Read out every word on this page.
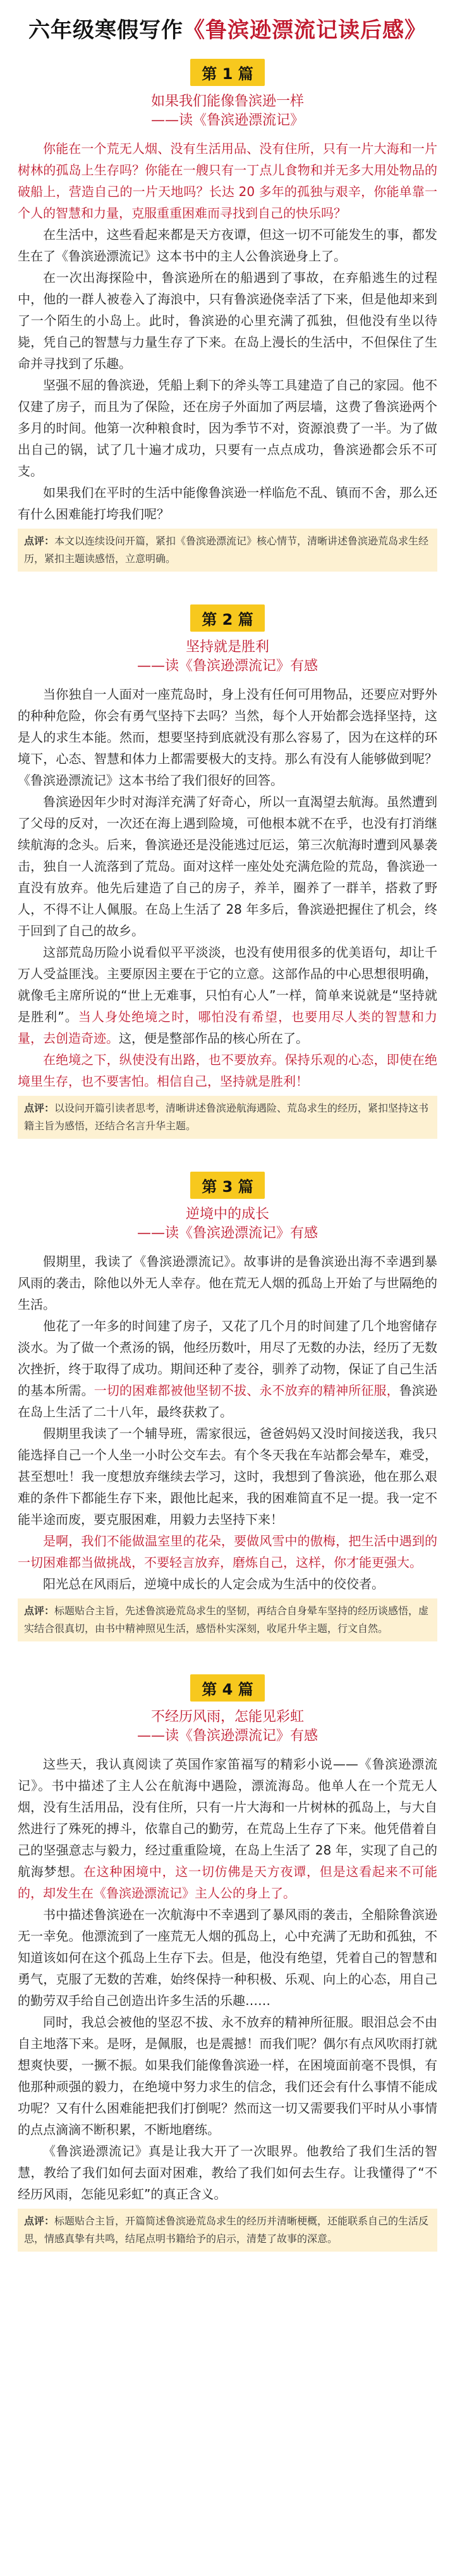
六年级寒假写作《鲁滨逊漂流记读后感》
第 1 篇
如果我们能像鲁滨逊一样
——读《鲁滨逊漂流记》

你能在一个荒无人烟、没有生活用品、没有住所，只有一片大海和一片树林的孤岛上生存吗？你能在一艘只有一丁点儿食物和并无多大用处物品的破船上，营造自己的一片天地吗？长达 20 多年的孤独与艰辛，你能单靠一个人的智慧和力量，克服重重困难而寻找到自己的快乐吗？

在生活中，这些看起来都是天方夜谭，但这一切不可能发生的事，都发生在了《鲁滨逊漂流记》这本书中的主人公鲁滨逊身上了。

在一次出海探险中，鲁滨逊所在的船遇到了事故，在弃船逃生的过程中，他的一群人被卷入了海浪中，只有鲁滨逊侥幸活了下来，但是他却来到了一个陌生的小岛上。此时，鲁滨逊的心里充满了孤独，但他没有坐以待毙，凭自己的智慧与力量生存了下来。在岛上漫长的生活中，不但保住了生命并寻找到了乐趣。

坚强不屈的鲁滨逊，凭船上剩下的斧头等工具建造了自己的家园。他不仅建了房子，而且为了保险，还在房子外面加了两层墙，这费了鲁滨逊两个多月的时间。他第一次种粮食时，因为季节不对，资源浪费了一半。为了做出自己的锅，试了几十遍才成功，只要有一点点成功，鲁滨逊都会乐不可支。

如果我们在平时的生活中能像鲁滨逊一样临危不乱、镇而不舍，那么还有什么困难能打垮我们呢？

点评：本文以连续设问开篇，紧扣《鲁滨逊漂流记》核心情节，清晰讲述鲁滨逊荒岛求生经历，紧扣主题读感悟，立意明确。
第 2 篇
坚持就是胜利
——读《鲁滨逊漂流记》有感

当你独自一人面对一座荒岛时，身上没有任何可用物品，还要应对野外的种种危险，你会有勇气坚持下去吗？当然，每个人开始都会选择坚持，这是人的求生本能。然而，想要坚持到底就没有那么容易了，因为在这样的环境下，心态、智慧和体力上都需要极大的支持。那么有没有人能够做到呢？《鲁滨逊漂流记》这本书给了我们很好的回答。

鲁滨逊因年少时对海洋充满了好奇心，所以一直渴望去航海。虽然遭到了父母的反对，一次还在海上遇到险境，可他根本就不在乎，也没有打消继续航海的念头。后来，鲁滨逊还是没能逃过厄运，第三次航海时遭到风暴袭击，独自一人流落到了荒岛。面对这样一座处处充满危险的荒岛，鲁滨逊一直没有放弃。他先后建造了自己的房子，养羊，圈养了一群羊，搭救了野人，不得不让人佩服。在岛上生活了 28 年多后，鲁滨逊把握住了机会，终于回到了自己的故乡。

这部荒岛历险小说看似平平淡淡，也没有使用很多的优美语句，却让千万人受益匪浅。主要原因主要在于它的立意。这部作品的中心思想很明确，就像毛主席所说的“世上无难事，只怕有心人”一样，简单来说就是“坚持就是胜利”。当人身处绝境之时，哪怕没有希望，也要用尽人类的智慧和力量，去创造奇迹。这，便是整部作品的核心所在了。

在绝境之下，纵使没有出路，也不要放弃。保持乐观的心态，即使在绝境里生存，也不要害怕。相信自己，坚持就是胜利！

点评：以设问开篇引读者思考，清晰讲述鲁滨逊航海遇险、荒岛求生的经历，紧扣坚持这书籍主旨为感悟，还结合名言升华主题。
第 3 篇
逆境中的成长
——读《鲁滨逊漂流记》有感

假期里，我读了《鲁滨逊漂流记》。故事讲的是鲁滨逊出海不幸遇到暴风雨的袭击，除他以外无人幸存。他在荒无人烟的孤岛上开始了与世隔绝的生活。

他花了一年多的时间建了房子，又花了几个月的时间建了几个地窖储存淡水。为了做一个煮汤的锅，他经历数叶，用尽了无数的办法，经历了无数次挫折，终于取得了成功。期间还种了麦谷，驯养了动物，保证了自己生活的基本所需。一切的困难都被他坚韧不拔、永不放弃的精神所征服，鲁滨逊在岛上生活了二十八年，最终获救了。

假期里我读了一个辅导班，需家很远，爸爸妈妈又没时间接送我，我只能选择自己一个人坐一小时公交车去。有个冬天我在车站都会晕车，难受，甚至想吐！我一度想放弃继续去学习，这时，我想到了鲁滨逊，他在那么艰难的条件下都能生存下来，跟他比起来，我的困难简直不足一提。我一定不能半途而废，要克服困难，用毅力去坚持下来！

是啊，我们不能做温室里的花朵，要做风雪中的傲梅，把生活中遇到的一切困难都当做挑战，不要轻言放弃，磨炼自己，这样，你才能更强大。

阳光总在风雨后，逆境中成长的人定会成为生活中的佼佼者。

点评：标题贴合主旨，先述鲁滨逊荒岛求生的坚韧，再结合自身晕车坚持的经历谈感悟，虚实结合很真切，由书中精神照见生活，感悟朴实深刻，收尾升华主题，行文自然。
第 4 篇
不经历风雨，怎能见彩虹
——读《鲁滨逊漂流记》有感

这些天，我认真阅读了英国作家笛福写的精彩小说——《鲁滨逊漂流记》。书中描述了主人公在航海中遇险，漂流海岛。他单人在一个荒无人烟，没有生活用品，没有住所，只有一片大海和一片树林的孤岛上，与大自然进行了殊死的搏斗，依靠自己的勤劳，在荒岛上生存了下来。他凭借着自己的坚强意志与毅力，经过重重险境，在岛上生活了 28 年，实现了自己的航海梦想。在这种困境中，这一切仿佛是天方夜谭，但是这看起来不可能的，却发生在《鲁滨逊漂流记》主人公的身上了。

书中描述鲁滨逊在一次航海中不幸遇到了暴风雨的袭击，全船除鲁滨逊无一幸免。他漂流到了一座荒无人烟的孤岛上，心中充满了无助和孤独，不知道该如何在这个孤岛上生存下去。但是，他没有绝望，凭着自己的智慧和勇气，克服了无数的苦难，始终保持一种积极、乐观、向上的心态，用自己的勤劳双手给自己创造出许多生活的乐趣……

同时，我总会被他的坚忍不拔、永不放弃的精神所征服。眼泪总会不由自主地落下来。是呀，是佩服，也是震撼！而我们呢？偶尔有点风吹雨打就想爽快要，一撅不振。如果我们能像鲁滨逊一样，在困境面前毫不畏惧，有他那种顽强的毅力，在绝境中努力求生的信念，我们还会有什么事情不能成功呢？又有什么困难能把我们打倒呢？然而这一切又需要我们平时从小事情的点点滴滴不断积累，不断地磨练。

《鲁滨逊漂流记》真是让我大开了一次眼界。他教给了我们生活的智慧，教给了我们如何去面对困难，教给了我们如何去生存。让我懂得了“不经历风雨，怎能见彩虹”的真正含义。

点评：标题贴合主旨，开篇简述鲁滨逊荒岛求生的经历并清晰梗概，还能联系自己的生活反思，情感真挚有共鸣，结尾点明书籍给予的启示，清楚了故事的深意。
